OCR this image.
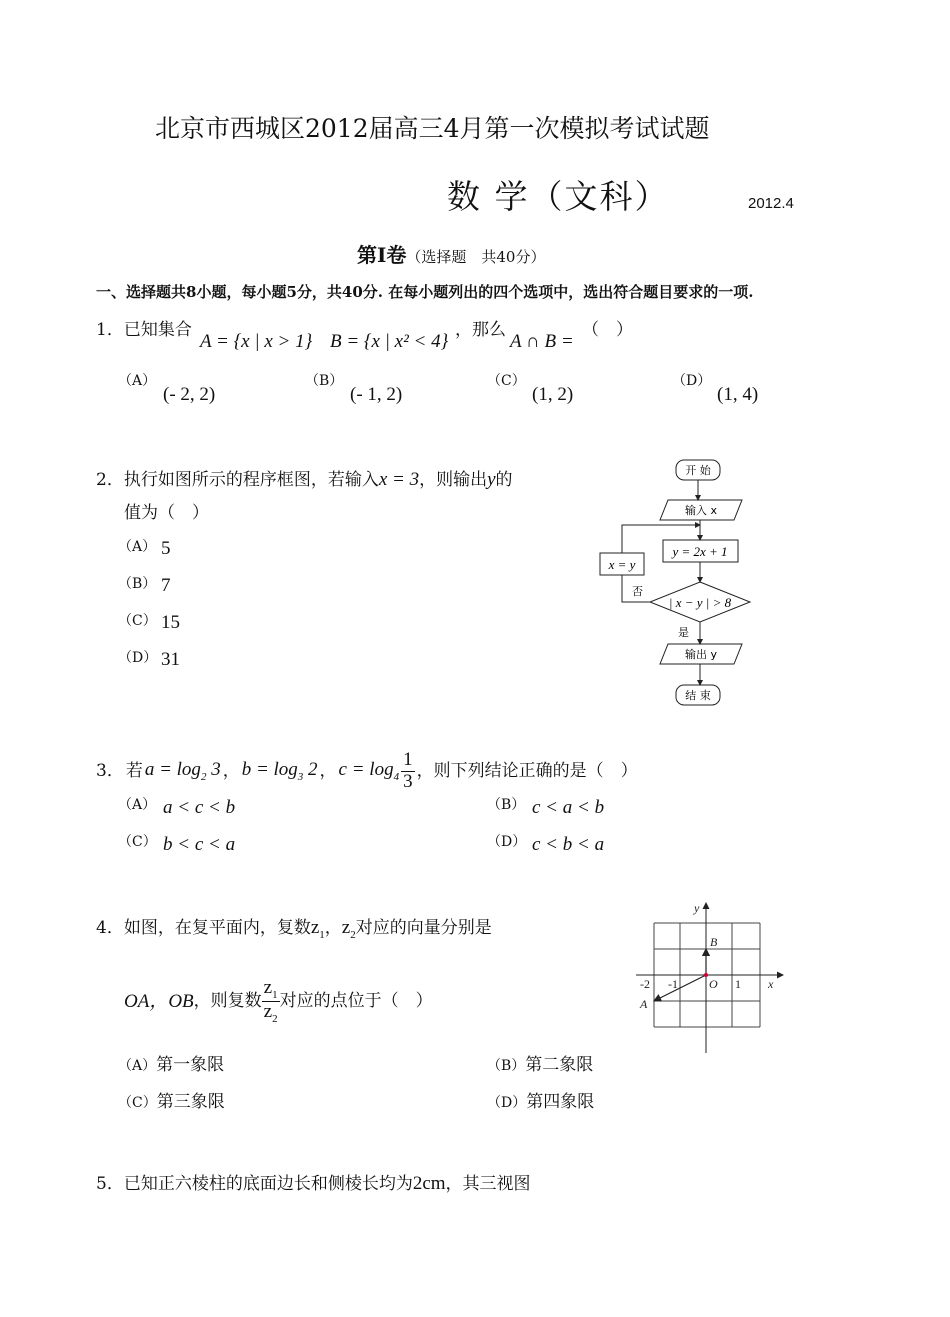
北京市西城区2012届高三4月第一次模拟考试试题
数 学（文科）	2012.4
第Ⅰ卷（选择题　共40分）
一、选择题共8小题，每小题5分，共40分. 在每小题列出的四个选项中，选出符合题目要求的一项.
1．已知集合
A = {x | x > 1} B = {x | x² < 4}
，那么
A ∩ B =
（　）
（A）
(- 2, 2)
（B）
(- 1, 2)
（C）
(1, 2)
（D）
(1, 4)
2．执行如图所示的程序框图，若输入x = 3，则输出y的
值为（　）
（A） 5
（B） 7
（C） 15
（D） 31
开 始
输入 x
y = 2x + 1
| x − y | > 8
输出 y
结 束
x = y
否
是
3． 若 $a = \log_2 3$ ， $b = \log_3 2$ ， $c = \log_4 \frac{1}{3}$ ，则下列结论正确的是（　）
（A） a < c < b	（B） c < a < b
（C） b < c < a	（D） c < b < a
4．如图，在复平面内，复数$z_1$，$z_2$对应的向量分别是
OA，OB ，则复数 $\frac{z_1}{z_2}$ 对应的点位于（　）
（A）第一象限	（B）第二象限
（C）第三象限	（D）第四象限
y
x
O
B
A
-2 -1	1
5．已知正六棱柱的底面边长和侧棱长均为2cm，其三视图
